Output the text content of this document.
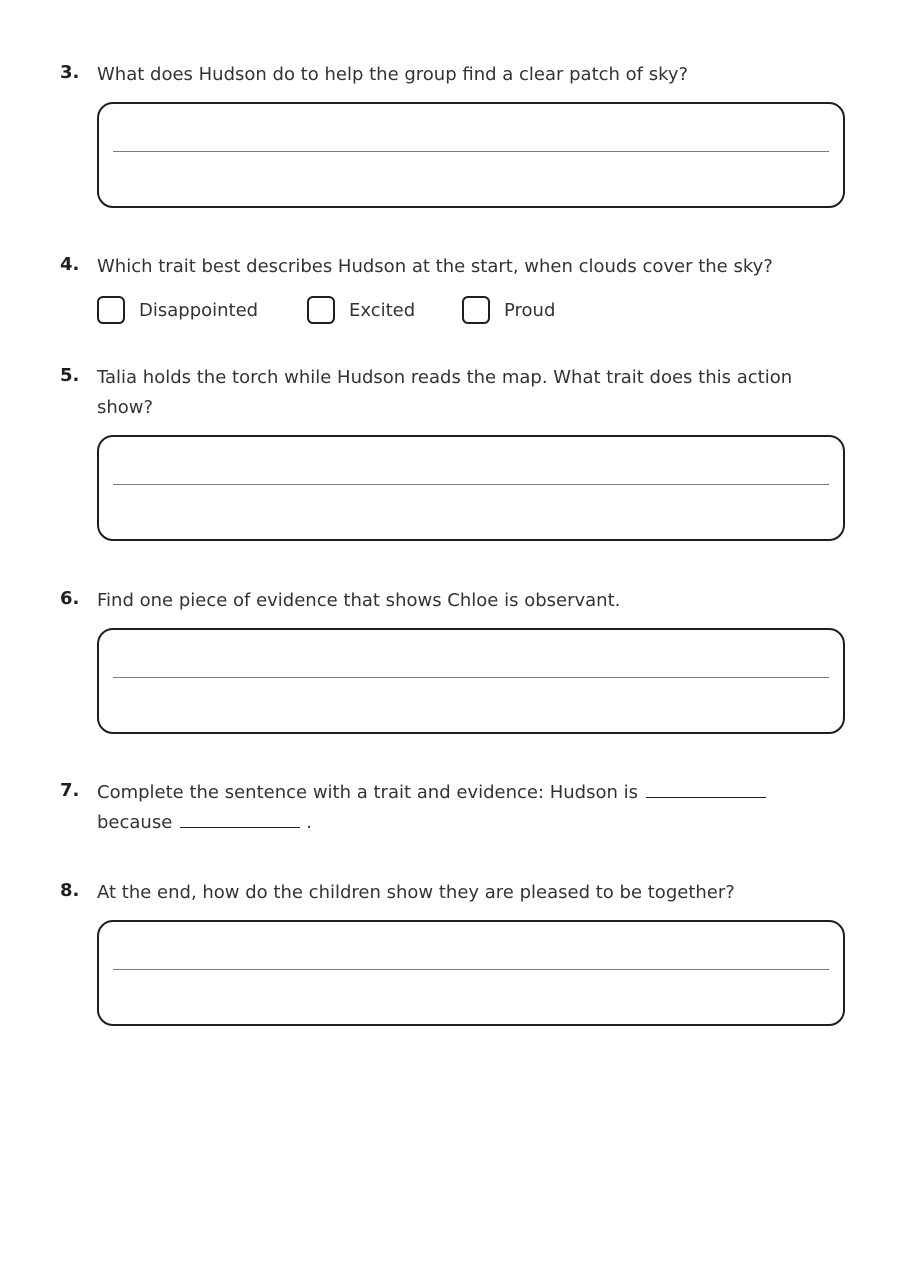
3. What does Hudson do to help the group find a clear patch of sky?
4. Which trait best describes Hudson at the start, when clouds cover the sky?
Disappointed	Excited	Proud
5. Talia holds the torch while Hudson reads the map. What trait does this action show?
6. Find one piece of evidence that shows Chloe is observant.
7. Complete the sentence with a trait and evidence: Hudson is
because	.
8. At the end, how do the children show they are pleased to be together?
